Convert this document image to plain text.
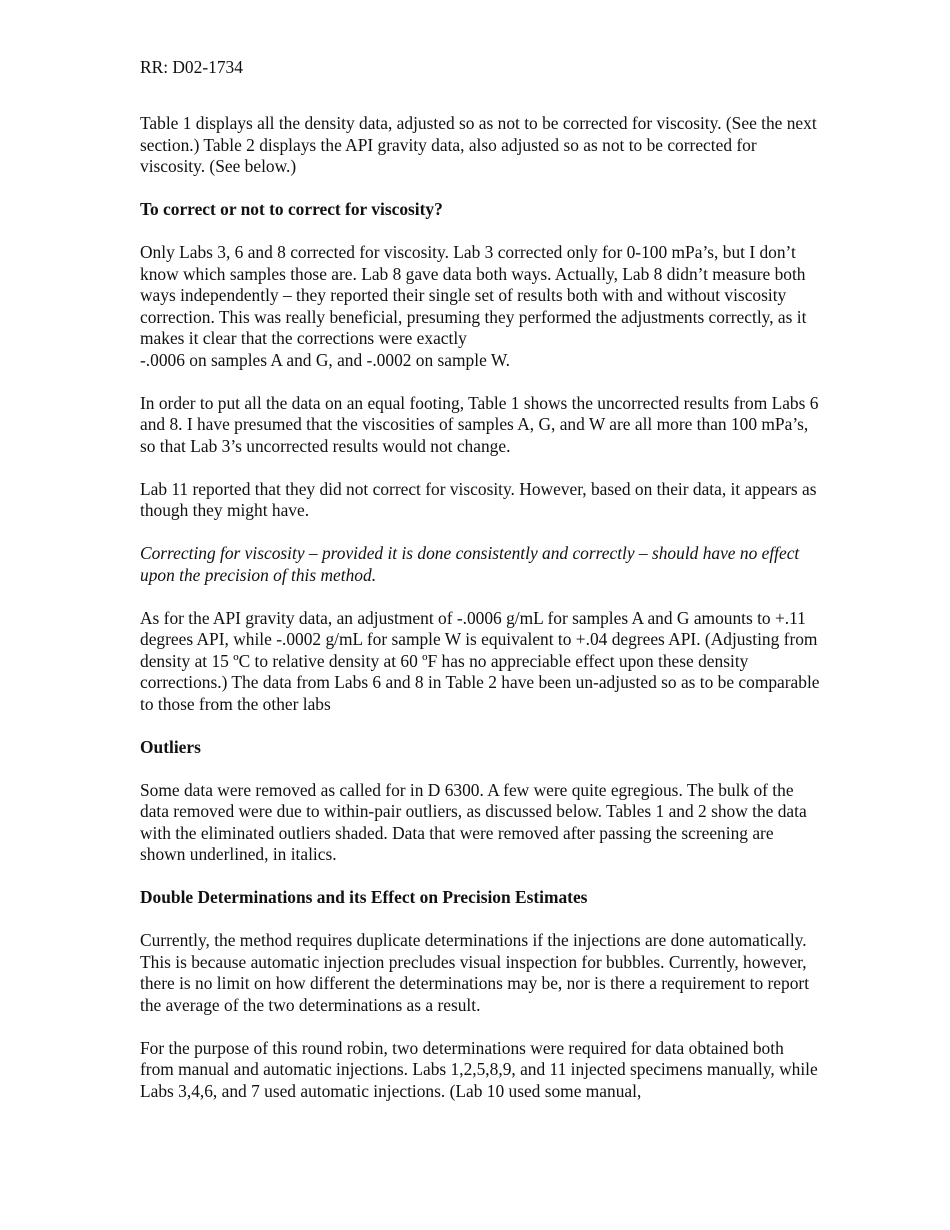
RR: D02-1734

Table 1 displays all the density data, adjusted so as not to be corrected for viscosity. (See the next section.) Table 2 displays the API gravity data, also adjusted so as not to be corrected for viscosity. (See below.)

To correct or not to correct for viscosity?

Only Labs 3, 6 and 8 corrected for viscosity. Lab 3 corrected only for 0-100 mPa’s, but I don’t know which samples those are. Lab 8 gave data both ways. Actually, Lab 8 didn’t measure both ways independently – they reported their single set of results both with and without viscosity correction. This was really beneficial, presuming they performed the adjustments correctly, as it makes it clear that the corrections were exactly
-.0006 on samples A and G, and -.0002 on sample W.

In order to put all the data on an equal footing, Table 1 shows the uncorrected results from Labs 6 and 8. I have presumed that the viscosities of samples A, G, and W are all more than 100 mPa’s, so that Lab 3’s uncorrected results would not change.

Lab 11 reported that they did not correct for viscosity. However, based on their data, it appears as though they might have.

Correcting for viscosity – provided it is done consistently and correctly – should have no effect upon the precision of this method.

As for the API gravity data, an adjustment of -.0006 g/mL for samples A and G amounts to +.11 degrees API, while -.0002 g/mL for sample W is equivalent to +.04 degrees API. (Adjusting from density at 15 ºC to relative density at 60 ºF has no appreciable effect upon these density corrections.) The data from Labs 6 and 8 in Table 2 have been un-adjusted so as to be comparable to those from the other labs

Outliers

Some data were removed as called for in D 6300. A few were quite egregious. The bulk of the data removed were due to within-pair outliers, as discussed below. Tables 1 and 2 show the data with the eliminated outliers shaded. Data that were removed after passing the screening are shown underlined, in italics.

Double Determinations and its Effect on Precision Estimates

Currently, the method requires duplicate determinations if the injections are done automatically. This is because automatic injection precludes visual inspection for bubbles. Currently, however, there is no limit on how different the determinations may be, nor is there a requirement to report the average of the two determinations as a result.

For the purpose of this round robin, two determinations were required for data obtained both from manual and automatic injections. Labs 1,2,5,8,9, and 11 injected specimens manually, while Labs 3,4,6, and 7 used automatic injections. (Lab 10 used some manual,
